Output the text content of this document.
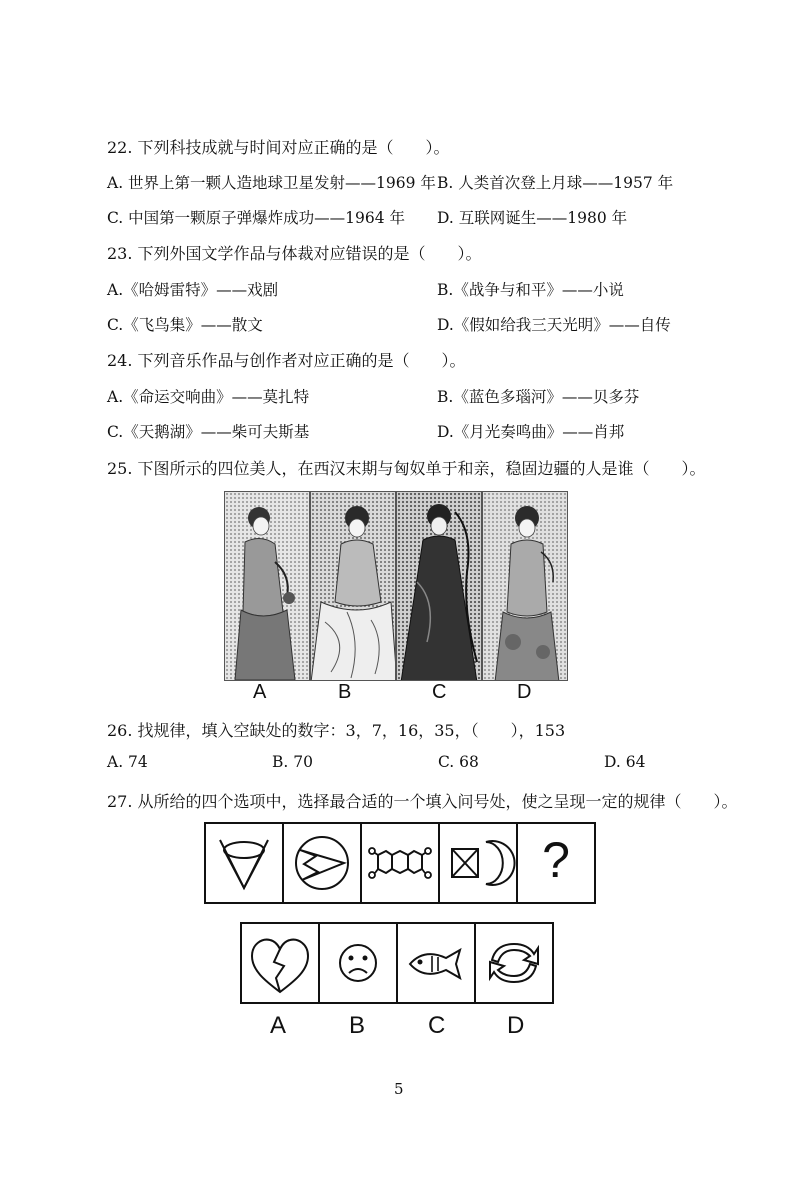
22. 下列科技成就与时间对应正确的是（　　）。
A. 世界上第一颗人造地球卫星发射——1969 年 B. 人类首次登上月球——1957 年
C. 中国第一颗原子弹爆炸成功——1964 年 D. 互联网诞生——1980 年
23. 下列外国文学作品与体裁对应错误的是（　　）。
A.《哈姆雷特》——戏剧	B.《战争与和平》——小说
C.《飞鸟集》——散文	D.《假如给我三天光明》——自传
24. 下列音乐作品与创作者对应正确的是（　　）。
A.《命运交响曲》——莫扎特	B.《蓝色多瑙河》——贝多芬
C.《天鹅湖》——柴可夫斯基	D.《月光奏鸣曲》——肖邦
25. 下图所示的四位美人，在西汉末期与匈奴单于和亲，稳固边疆的人是谁（　　）。
A	B	C	D
26. 找规律，填入空缺处的数字：3，7，16，35，（　　），153
A. 74	B. 70	C. 68	D. 64
27. 从所给的四个选项中，选择最合适的一个填入问号处，使之呈现一定的规律（　　）。
?
A	B	C	D
5
